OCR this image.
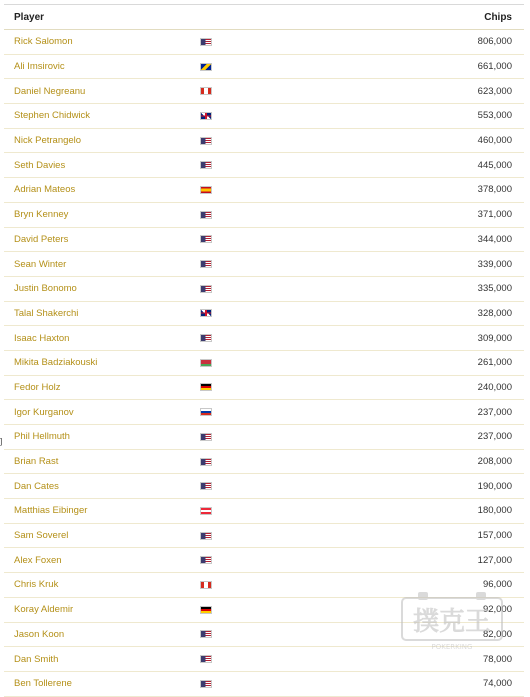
]
Player	Chips
Rick Salomon	806,000
Ali Imsirovic	661,000
Daniel Negreanu	623,000
Stephen Chidwick	553,000
Nick Petrangelo	460,000
Seth Davies	445,000
Adrian Mateos	378,000
Bryn Kenney	371,000
David Peters	344,000
Sean Winter	339,000
Justin Bonomo	335,000
Talal Shakerchi	328,000
Isaac Haxton	309,000
Mikita Badziakouski	261,000
Fedor Holz	240,000
Igor Kurganov	237,000
Phil Hellmuth	237,000
Brian Rast	208,000
Dan Cates	190,000
Matthias Eibinger	180,000
Sam Soverel	157,000
Alex Foxen	127,000
Chris Kruk	96,000
Koray Aldemir	92,000
Jason Koon	82,000
Dan Smith	78,000
Ben Tollerene	74,000
撲克王
POKERKING
